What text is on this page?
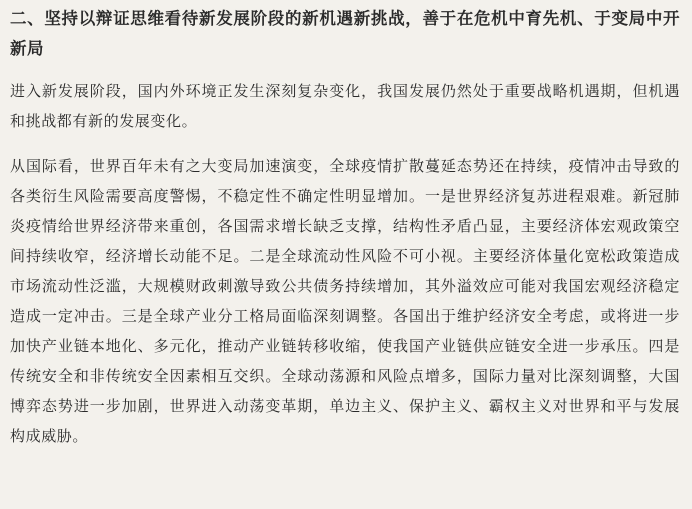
二、坚持以辩证思维看待新发展阶段的新机遇新挑战，善于在危机中育先机、于变局中开新局

进入新发展阶段，国内外环境正发生深刻复杂变化，我国发展仍然处于重要战略机遇期，但机遇和挑战都有新的发展变化。

从国际看，世界百年未有之大变局加速演变，全球疫情扩散蔓延态势还在持续，疫情冲击导致的各类衍生风险需要高度警惕，不稳定性不确定性明显增加。一是世界经济复苏进程艰难。新冠肺炎疫情给世界经济带来重创，各国需求增长缺乏支撑，结构性矛盾凸显，主要经济体宏观政策空间持续收窄，经济增长动能不足。二是全球流动性风险不可小视。主要经济体量化宽松政策造成市场流动性泛滥，大规模财政刺激导致公共债务持续增加，其外溢效应可能对我国宏观经济稳定造成一定冲击。三是全球产业分工格局面临深刻调整。各国出于维护经济安全考虑，或将进一步加快产业链本地化、多元化，推动产业链转移收缩，使我国产业链供应链安全进一步承压。四是传统安全和非传统安全因素相互交织。全球动荡源和风险点增多，国际力量对比深刻调整，大国博弈态势进一步加剧，世界进入动荡变革期，单边主义、保护主义、霸权主义对世界和平与发展构成威胁。
